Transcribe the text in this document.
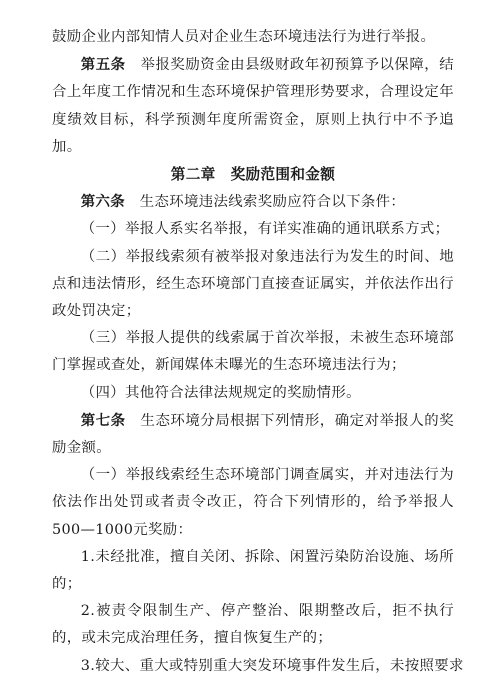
鼓励企业内部知情人员对企业生态环境违法行为进行举报。

第五条　 举报奖励资金由县级财政年初预算予以保障，结合上年度工作情况和生态环境保护管理形势要求，合理设定年度绩效目标，科学预测年度所需资金，原则上执行中不予追加。

第二章　奖励范围和金额

第六条　 生态环境违法线索奖励应符合以下条件：

（一）举报人系实名举报，有详实准确的通讯联系方式；

（二）举报线索须有被举报对象违法行为发生的时间、地点和违法情形，经生态环境部门直接查证属实，并依法作出行政处罚决定；

（三）举报人提供的线索属于首次举报，未被生态环境部门掌握或查处，新闻媒体未曝光的生态环境违法行为；

（四）其他符合法律法规规定的奖励情形。

第七条　 生态环境分局根据下列情形，确定对举报人的奖励金额。

（一）举报线索经生态环境部门调查属实，并对违法行为依法作出处罚或者责令改正，符合下列情形的，给予举报人500—1000元奖励：

1.未经批准，擅自关闭、拆除、闲置污染防治设施、场所的；

2.被责令限制生产、停产整治、限期整改后，拒不执行的，或未完成治理任务，擅自恢复生产的；

3.较大、重大或特别重大突发环境事件发生后，未按照要求
